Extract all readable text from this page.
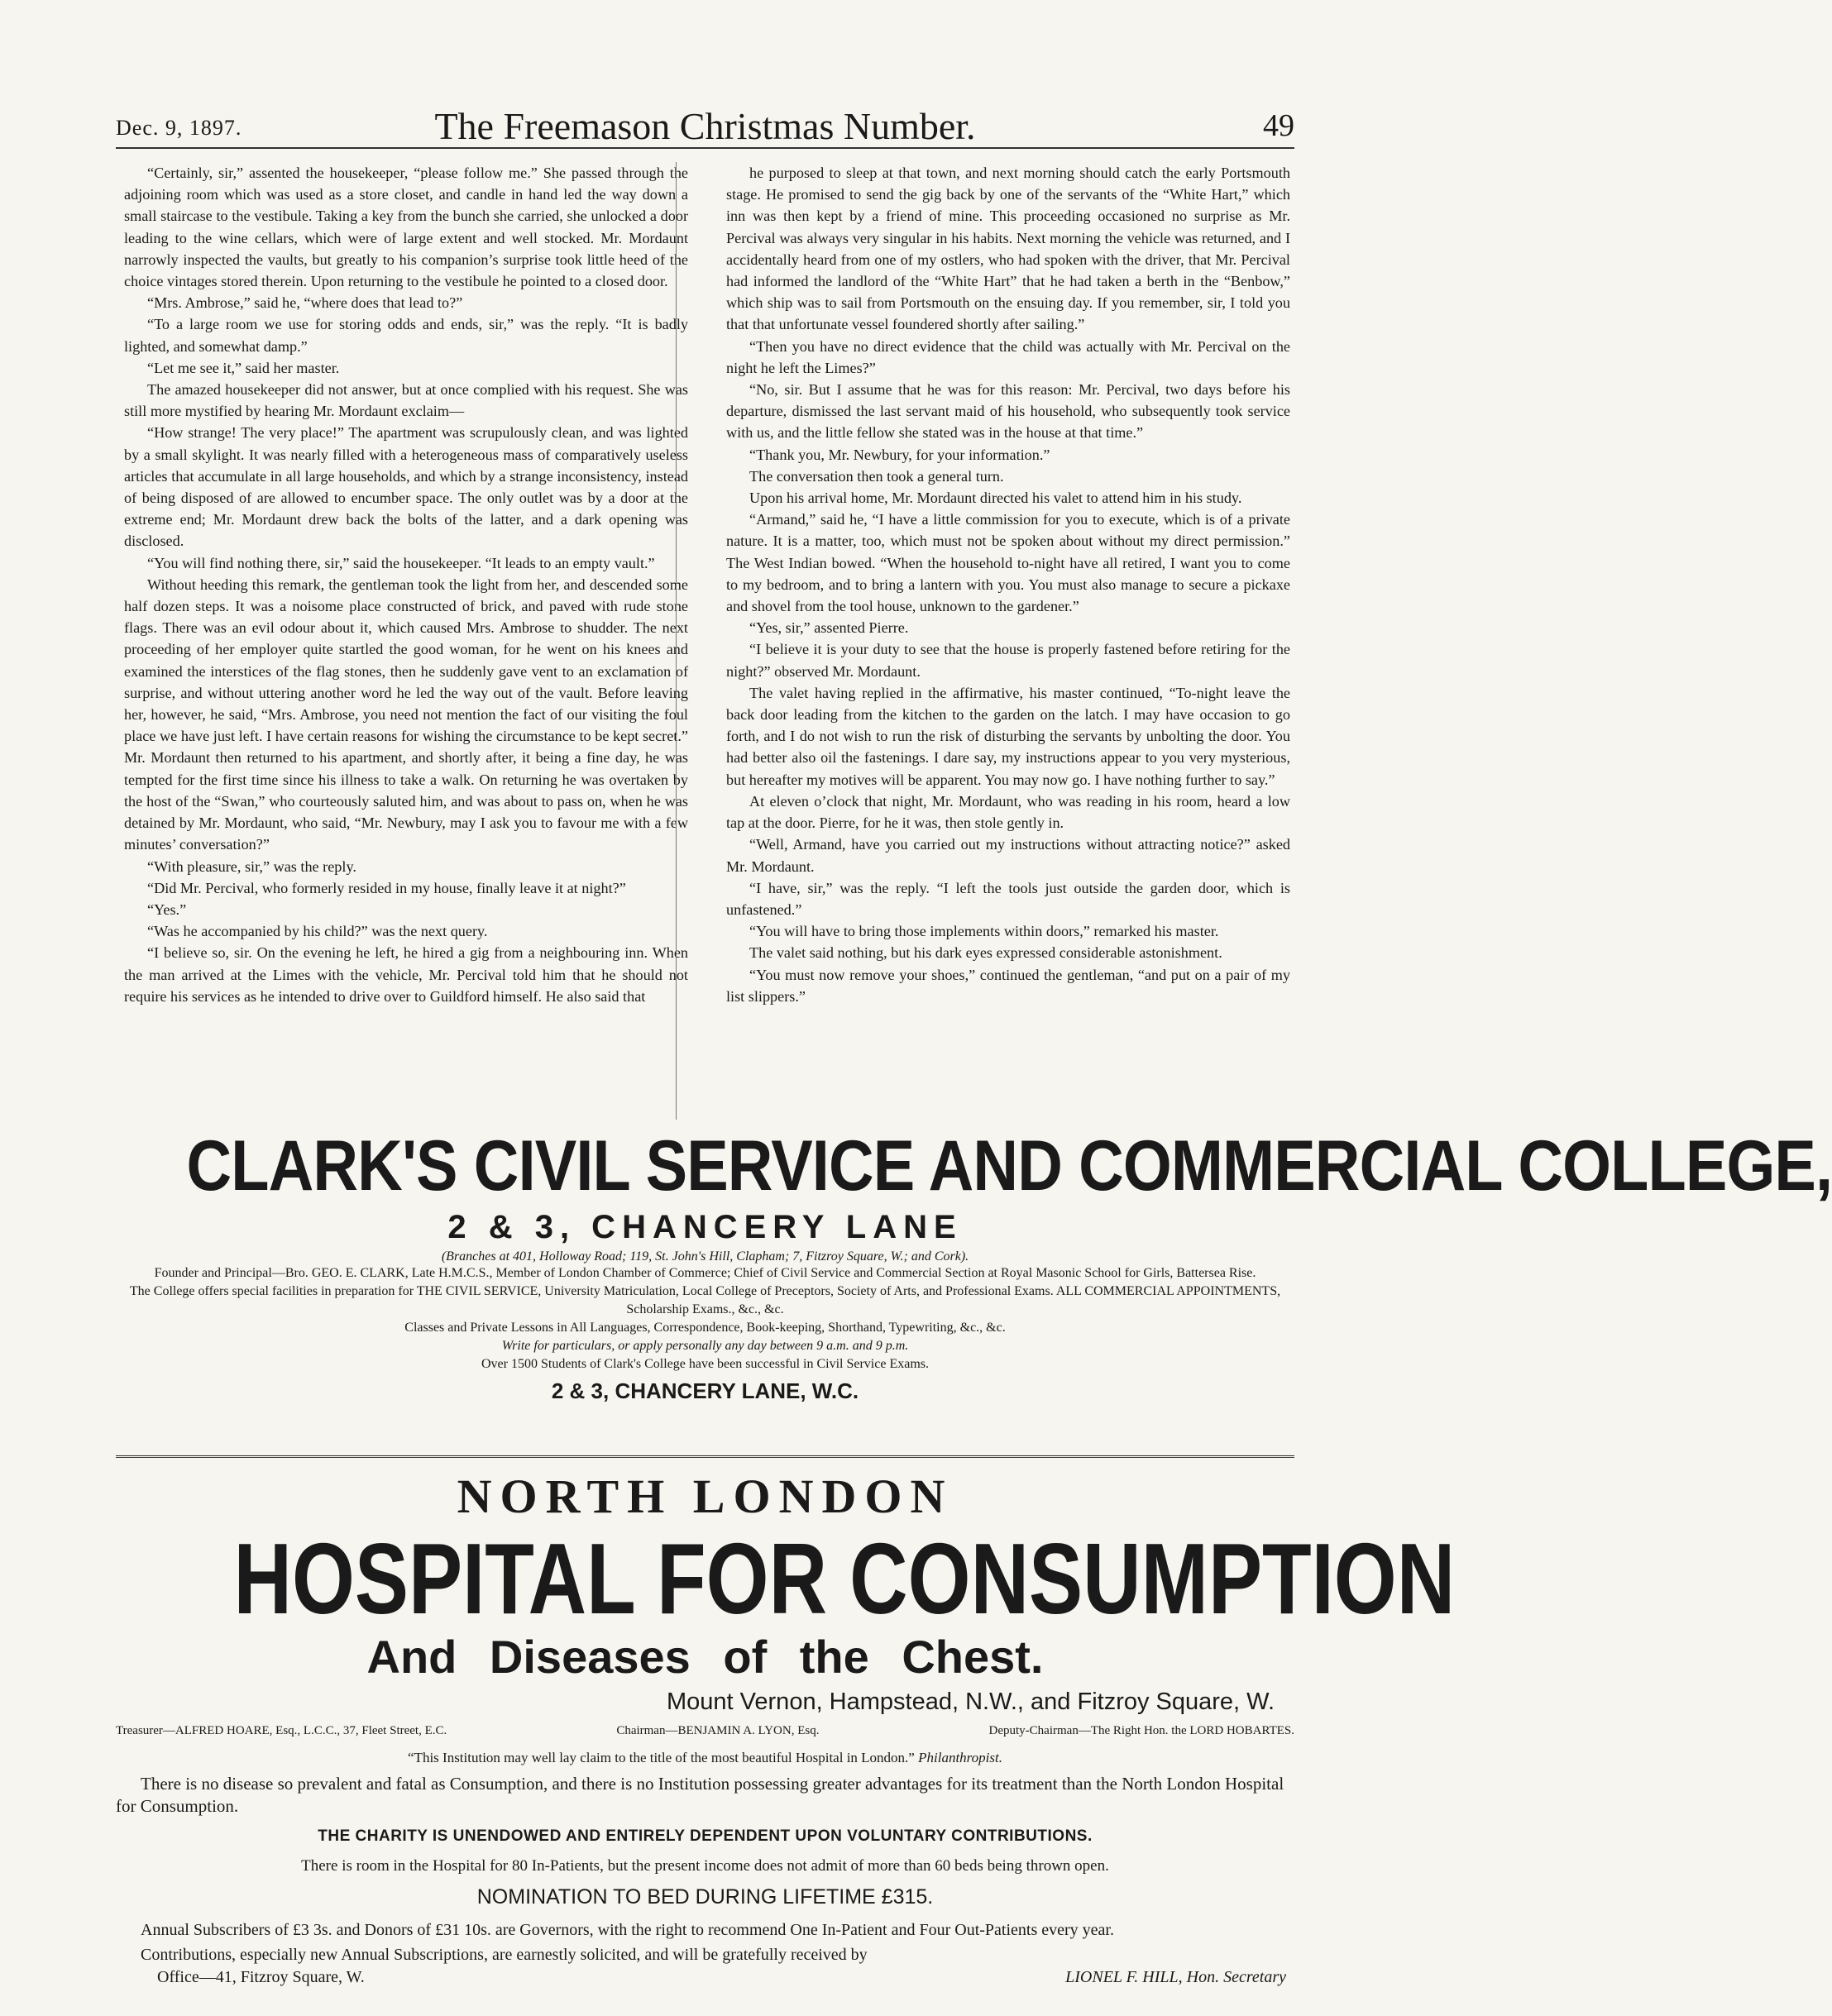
Dec. 9, 1897.	The Freemason Christmas Number.	49

“Certainly, sir,” assented the housekeeper, “please follow me.” She passed through the adjoining room which was used as a store closet, and candle in hand led the way down a small staircase to the vestibule. Taking a key from the bunch she carried, she unlocked a door leading to the wine cellars, which were of large extent and well stocked. Mr. Mordaunt narrowly inspected the vaults, but greatly to his companion’s surprise took little heed of the choice vintages stored therein. Upon returning to the vestibule he pointed to a closed door.

“Mrs. Ambrose,” said he, “where does that lead to?”

“To a large room we use for storing odds and ends, sir,” was the reply. “It is badly lighted, and somewhat damp.”

“Let me see it,” said her master.

The amazed housekeeper did not answer, but at once complied with his request. She was still more mystified by hearing Mr. Mordaunt exclaim—

“How strange! The very place!” The apartment was scrupulously clean, and was lighted by a small skylight. It was nearly filled with a heterogeneous mass of comparatively useless articles that accumulate in all large households, and which by a strange inconsistency, instead of being disposed of are allowed to encumber space. The only outlet was by a door at the extreme end; Mr. Mordaunt drew back the bolts of the latter, and a dark opening was disclosed.

“You will find nothing there, sir,” said the housekeeper. “It leads to an empty vault.”

Without heeding this remark, the gentleman took the light from her, and descended some half dozen steps. It was a noisome place constructed of brick, and paved with rude stone flags. There was an evil odour about it, which caused Mrs. Ambrose to shudder. The next proceeding of her employer quite startled the good woman, for he went on his knees and examined the interstices of the flag stones, then he suddenly gave vent to an exclamation of surprise, and without uttering another word he led the way out of the vault. Before leaving her, however, he said, “Mrs. Ambrose, you need not mention the fact of our visiting the foul place we have just left. I have certain reasons for wishing the circumstance to be kept secret.” Mr. Mordaunt then returned to his apartment, and shortly after, it being a fine day, he was tempted for the first time since his illness to take a walk. On returning he was overtaken by the host of the “Swan,” who courteously saluted him, and was about to pass on, when he was detained by Mr. Mordaunt, who said, “Mr. Newbury, may I ask you to favour me with a few minutes’ conversation?”

“With pleasure, sir,” was the reply.

“Did Mr. Percival, who formerly resided in my house, finally leave it at night?”

“Yes.”

“Was he accompanied by his child?” was the next query.

“I believe so, sir. On the evening he left, he hired a gig from a neighbouring inn. When the man arrived at the Limes with the vehicle, Mr. Percival told him that he should not require his services as he intended to drive over to Guildford himself. He also said that

he purposed to sleep at that town, and next morning should catch the early Portsmouth stage. He promised to send the gig back by one of the servants of the “White Hart,” which inn was then kept by a friend of mine. This proceeding occasioned no surprise as Mr. Percival was always very singular in his habits. Next morning the vehicle was returned, and I accidentally heard from one of my ostlers, who had spoken with the driver, that Mr. Percival had informed the landlord of the “White Hart” that he had taken a berth in the “Benbow,” which ship was to sail from Portsmouth on the ensuing day. If you remember, sir, I told you that that unfortunate vessel foundered shortly after sailing.”

“Then you have no direct evidence that the child was actually with Mr. Percival on the night he left the Limes?”

“No, sir. But I assume that he was for this reason: Mr. Percival, two days before his departure, dismissed the last servant maid of his household, who subsequently took service with us, and the little fellow she stated was in the house at that time.”

“Thank you, Mr. Newbury, for your information.”

The conversation then took a general turn.

Upon his arrival home, Mr. Mordaunt directed his valet to attend him in his study.

“Armand,” said he, “I have a little commission for you to execute, which is of a private nature. It is a matter, too, which must not be spoken about without my direct permission.” The West Indian bowed. “When the household to-night have all retired, I want you to come to my bedroom, and to bring a lantern with you. You must also manage to secure a pickaxe and shovel from the tool house, unknown to the gardener.”

“Yes, sir,” assented Pierre.

“I believe it is your duty to see that the house is properly fastened before retiring for the night?” observed Mr. Mordaunt.

The valet having replied in the affirmative, his master continued, “To-night leave the back door leading from the kitchen to the garden on the latch. I may have occasion to go forth, and I do not wish to run the risk of disturbing the servants by unbolting the door. You had better also oil the fastenings. I dare say, my instructions appear to you very mysterious, but hereafter my motives will be apparent. You may now go. I have nothing further to say.”

At eleven o’clock that night, Mr. Mordaunt, who was reading in his room, heard a low tap at the door. Pierre, for he it was, then stole gently in.

“Well, Armand, have you carried out my instructions without attracting notice?” asked Mr. Mordaunt.

“I have, sir,” was the reply. “I left the tools just outside the garden door, which is unfastened.”

“You will have to bring those implements within doors,” remarked his master.

The valet said nothing, but his dark eyes expressed considerable astonishment.

“You must now remove your shoes,” continued the gentleman, “and put on a pair of my list slippers.”

CLARK'S CIVIL SERVICE AND COMMERCIAL COLLEGE,
2 & 3, CHANCERY LANE
(Branches at 401, Holloway Road; 119, St. John's Hill, Clapham; 7, Fitzroy Square, W.; and Cork).
Founder and Principal—Bro. GEO. E. CLARK, Late H.M.C.S., Member of London Chamber of Commerce; Chief of Civil Service and Commercial Section at Royal Masonic School for Girls, Battersea Rise.
The College offers special facilities in preparation for THE CIVIL SERVICE, University Matriculation, Local College of Preceptors, Society of Arts, and Professional Exams. ALL COMMERCIAL APPOINTMENTS, Scholarship Exams., &c., &c.
Classes and Private Lessons in All Languages, Correspondence, Book-keeping, Shorthand, Typewriting, &c., &c.
Write for particulars, or apply personally any day between 9 a.m. and 9 p.m.
Over 1500 Students of Clark's College have been successful in Civil Service Exams.
2 & 3, CHANCERY LANE, W.C.
NORTH LONDON
HOSPITAL FOR CONSUMPTION
And Diseases of the Chest.
Mount Vernon, Hampstead, N.W., and Fitzroy Square, W.
Treasurer—ALFRED HOARE, Esq., L.C.C., 37, Fleet Street, E.C.	Chairman—BENJAMIN A. LYON, Esq.	Deputy-Chairman—The Right Hon. the LORD HOBARTES.
“This Institution may well lay claim to the title of the most beautiful Hospital in London.” Philanthropist.
There is no disease so prevalent and fatal as Consumption, and there is no Institution possessing greater advantages for its treatment than the North London Hospital for Consumption.
THE CHARITY IS UNENDOWED AND ENTIRELY DEPENDENT UPON VOLUNTARY CONTRIBUTIONS.
There is room in the Hospital for 80 In-Patients, but the present income does not admit of more than 60 beds being thrown open.
NOMINATION TO BED DURING LIFETIME £315.
Annual Subscribers of £3 3s. and Donors of £31 10s. are Governors, with the right to recommend One In-Patient and Four Out-Patients every year.
Contributions, especially new Annual Subscriptions, are earnestly solicited, and will be gratefully received by
Office—41, Fitzroy Square, W.	LIONEL F. HILL, Hon. Secretary
